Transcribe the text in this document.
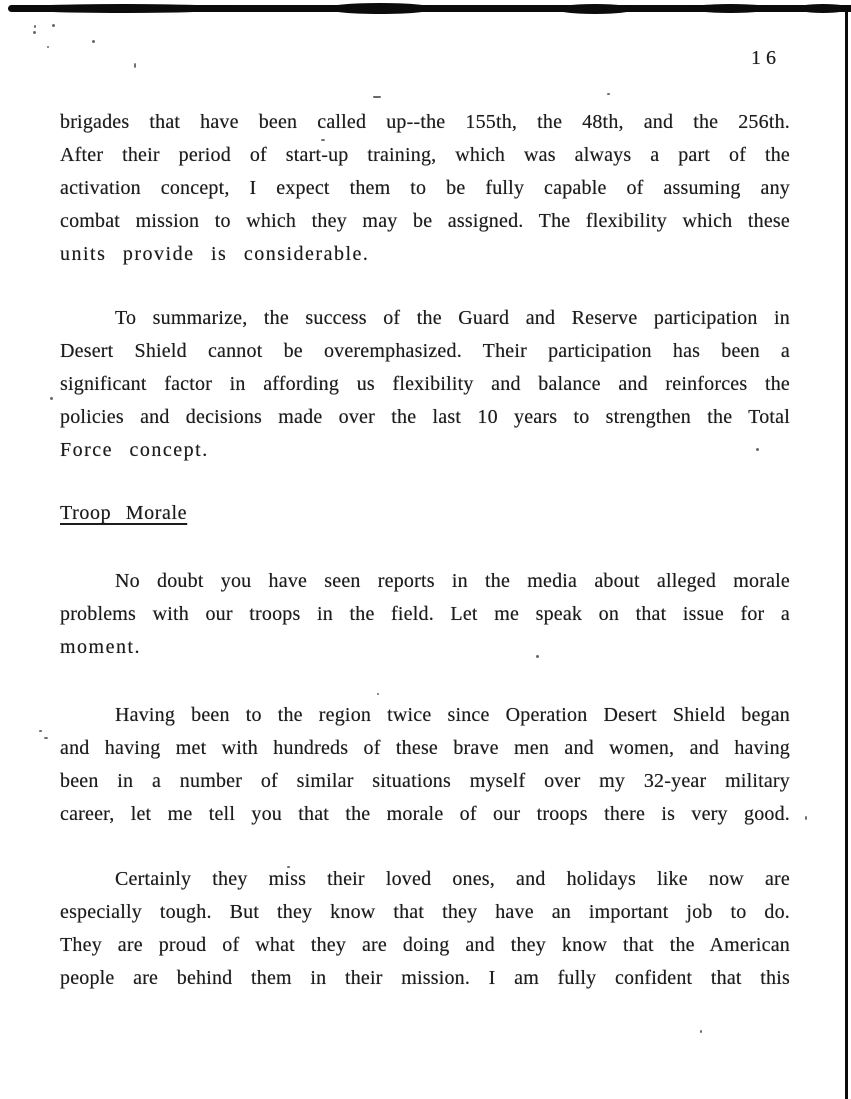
16
brigades that have been called up--the 155th, the 48th, and the 256th.
After their period of start-up training, which was always a part of the
activation concept, I expect them to be fully capable of assuming any
combat mission to which they may be assigned. The flexibility which these
units provide is considerable.
To summarize, the success of the Guard and Reserve participation in
Desert Shield cannot be overemphasized. Their participation has been a
significant factor in affording us flexibility and balance and reinforces the
policies and decisions made over the last 10 years to strengthen the Total
Force concept.
Troop Morale
No doubt you have seen reports in the media about alleged morale
problems with our troops in the field. Let me speak on that issue for a
moment.
Having been to the region twice since Operation Desert Shield began
and having met with hundreds of these brave men and women, and having
been in a number of similar situations myself over my 32-year military
career, let me tell you that the morale of our troops there is very good.
Certainly they miss their loved ones, and holidays like now are
especially tough. But they know that they have an important job to do.
They are proud of what they are doing and they know that the American
people are behind them in their mission. I am fully confident that this
